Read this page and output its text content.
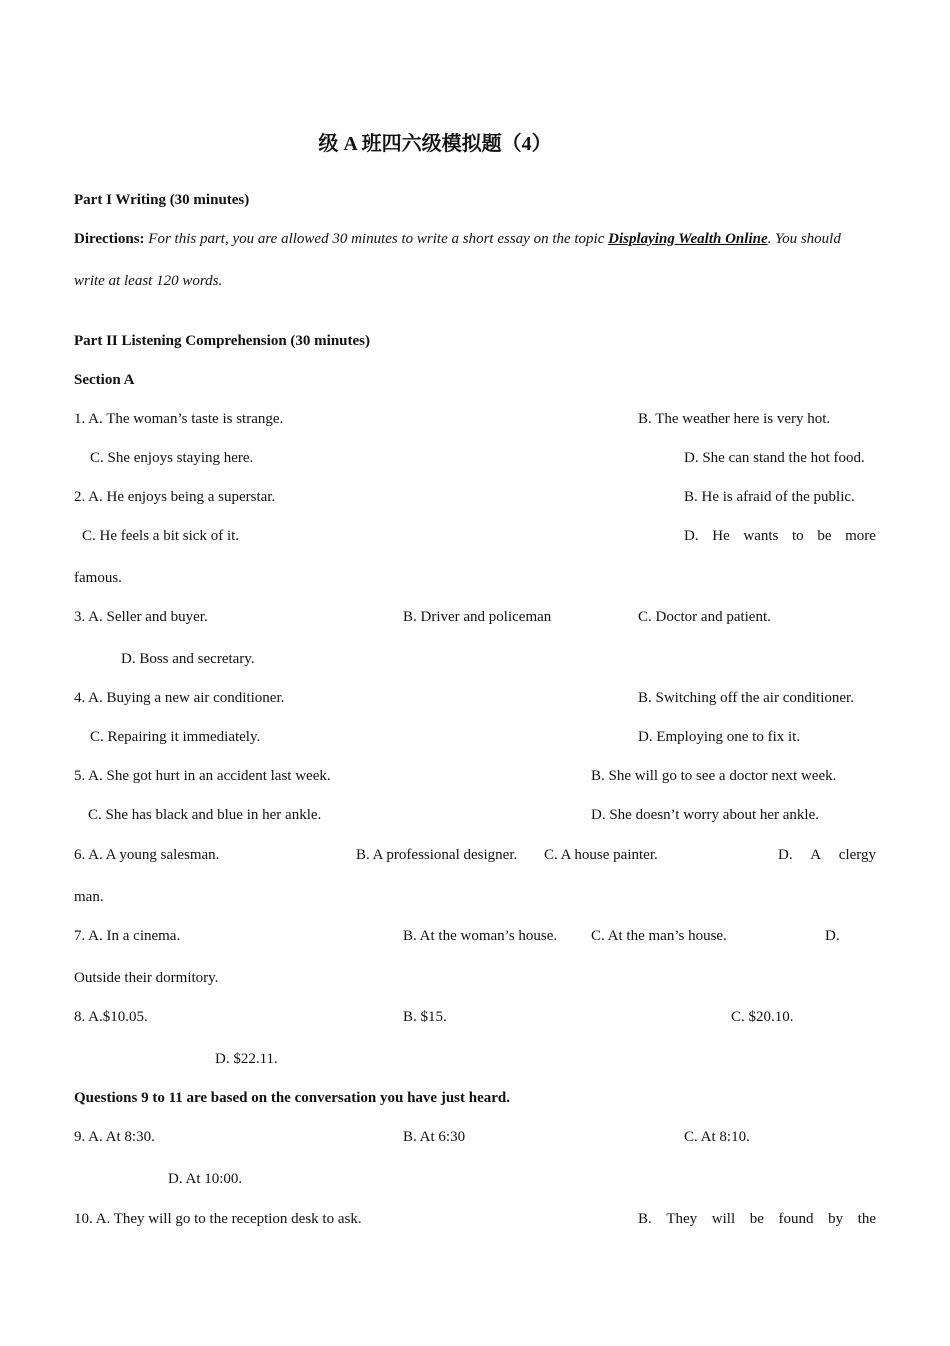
级 A 班四六级模拟题（4）
Part I Writing (30 minutes)
Directions: For this part, you are allowed 30 minutes to write a short essay on the topic Displaying Wealth Online. You should
write at least 120 words.
Part II Listening Comprehension (30 minutes)
Section A
1. A. The woman’s taste is strange.	B. The weather here is very hot.
C. She enjoys staying here.	D. She can stand the hot food.
2. A. He enjoys being a superstar.	B. He is afraid of the public.
C. He feels a bit sick of it.	D. He wants to be more
famous.
3. A. Seller and buyer.	B. Driver and policeman	C. Doctor and patient.
D. Boss and secretary.
4. A. Buying a new air conditioner.	B. Switching off the air conditioner.
C. Repairing it immediately.	D. Employing one to fix it.
5. A. She got hurt in an accident last week.	B. She will go to see a doctor next week.
C. She has black and blue in her ankle.	D. She doesn’t worry about her ankle.
6. A. A young salesman.	B. A professional designer. C. A house painter.	D. A clergy
man.
7. A. In a cinema.	B. At the woman’s house. C. At the man’s house.	D.
Outside their dormitory.
8. A.$10.05.	B. $15.	C. $20.10.
D. $22.11.
Questions 9 to 11 are based on the conversation you have just heard.
9. A. At 8:30.	B. At 6:30	C. At 8:10.
D. At 10:00.
10. A. They will go to the reception desk to ask.	B. They will be found by the
